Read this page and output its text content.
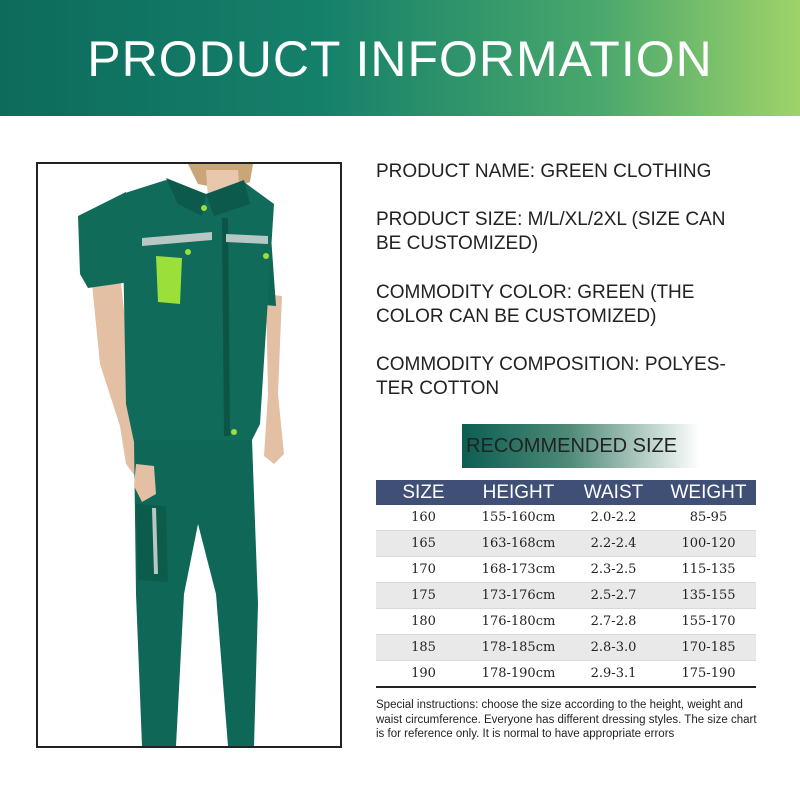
PRODUCT INFORMATION
PRODUCT NAME: GREEN CLOTHING
PRODUCT SIZE: M/L/XL/2XL (SIZE CAN
BE CUSTOMIZED)
COMMODITY COLOR: GREEN (THE
COLOR CAN BE CUSTOMIZED)
COMMODITY COMPOSITION: POLYES-
TER COTTON
RECOMMENDED SIZE
SIZE	HEIGHT	WAIST	WEIGHT
160	155-160cm	2.0-2.2	85-95
165	163-168cm	2.2-2.4	100-120
170	168-173cm	2.3-2.5	115-135
175	173-176cm	2.5-2.7	135-155
180	176-180cm	2.7-2.8	155-170
185	178-185cm	2.8-3.0	170-185
190	178-190cm	2.9-3.1	175-190
Special instructions: choose the size according to the height, weight and waist circumference. Everyone has different dressing styles. The size chart is for reference only. It is normal to have appropriate errors
